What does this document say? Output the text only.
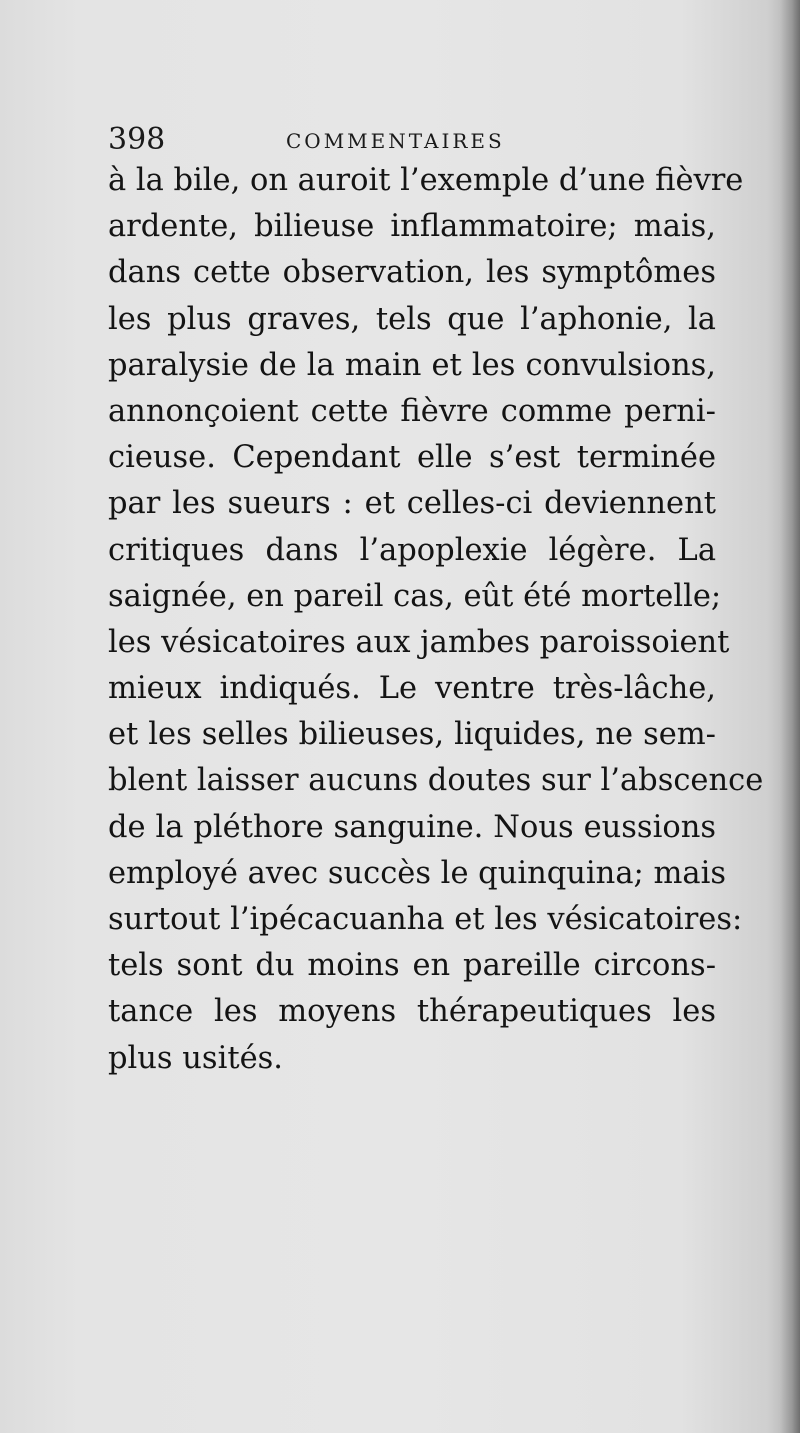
398	COMMENTAIRES
à la bile, on auroit l’exemple d’une fièvre
ardente, bilieuse inflammatoire; mais,
dans cette observation, les symptômes
les plus graves, tels que l’aphonie, la
paralysie de la main et les convulsions,
annonçoient cette fièvre comme perni-
cieuse. Cependant elle s’est terminée
par les sueurs : et celles-ci deviennent
critiques dans l’apoplexie légère. La
saignée, en pareil cas, eût été mortelle;
les vésicatoires aux jambes paroissoient
mieux indiqués. Le ventre très-lâche,
et les selles bilieuses, liquides, ne sem-
blent laisser aucuns doutes sur l’abscence
de la pléthore sanguine. Nous eussions
employé avec succès le quinquina; mais
surtout l’ipécacuanha et les vésicatoires:
tels sont du moins en pareille circons-
tance les moyens thérapeutiques les
plus usités.
